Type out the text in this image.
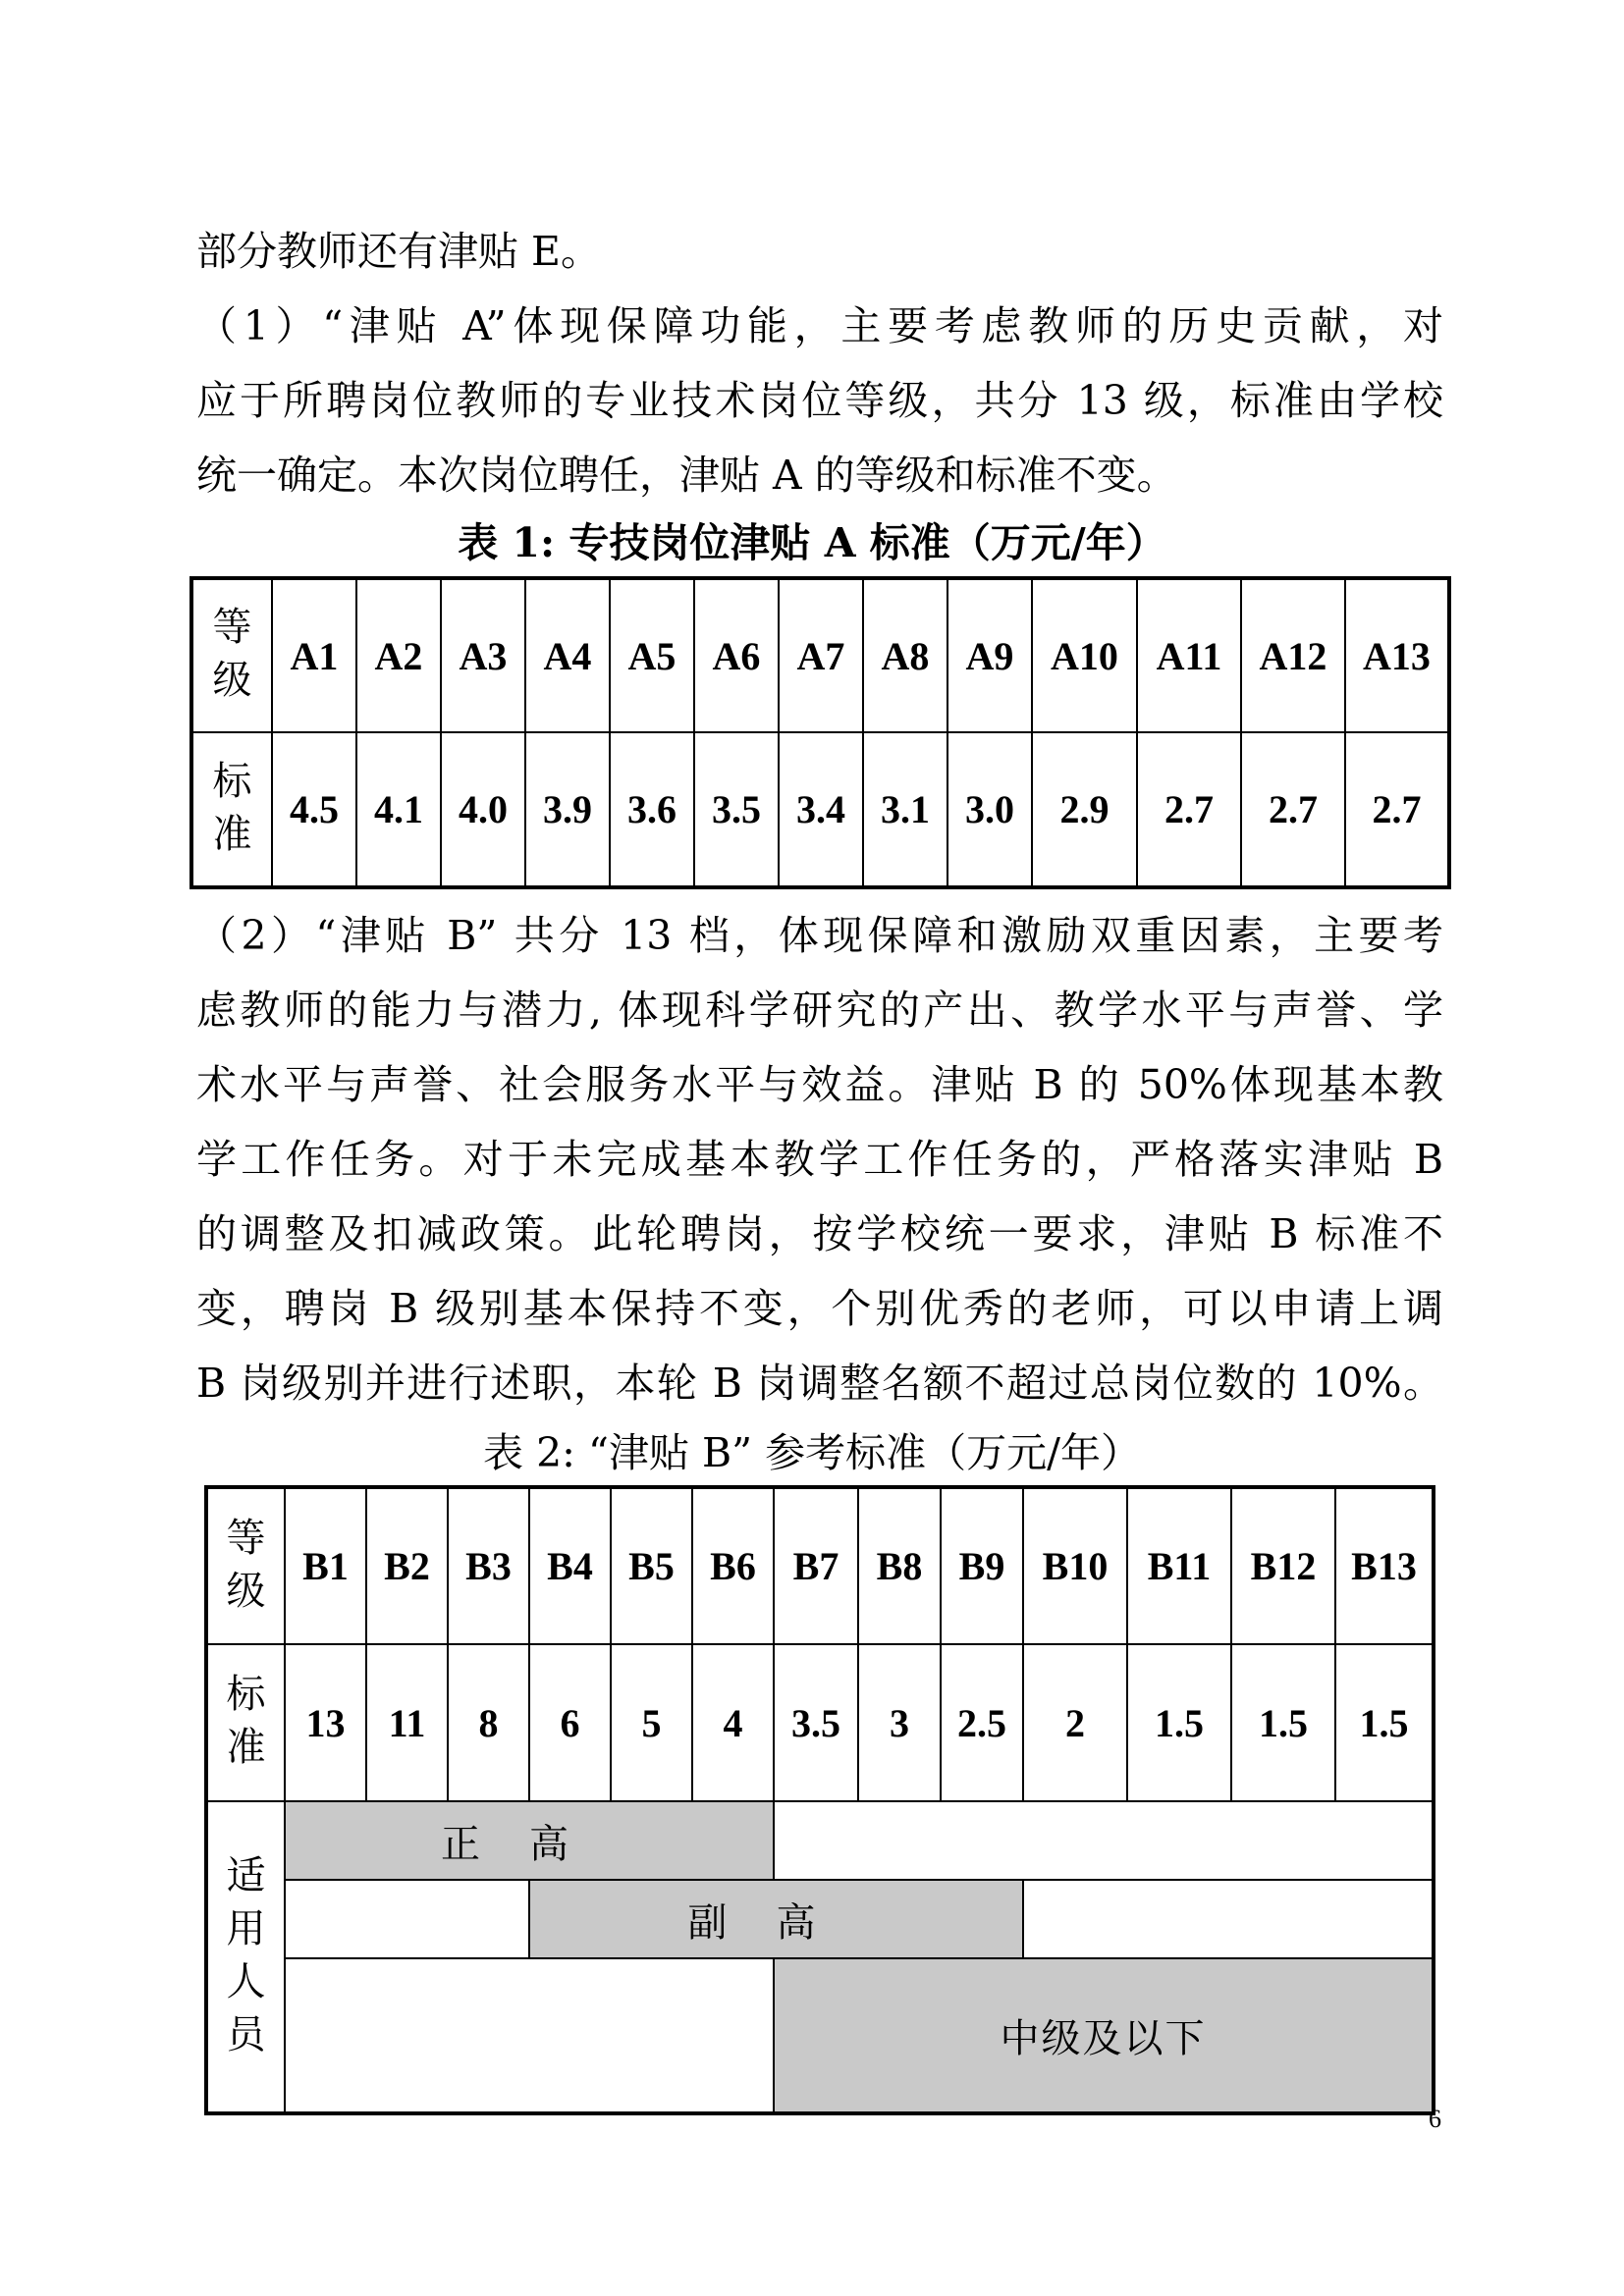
部分教师还有津贴 E。
（1）“津贴 A”体现保障功能，主要考虑教师的历史贡献，对
应于所聘岗位教师的专业技术岗位等级，共分 13 级，标准由学校
统一确定。本次岗位聘任，津贴 A 的等级和标准不变。

表 1: 专技岗位津贴 A 标准（万元/年）

等级	A1	A2	A3	A4	A5	A6	A7	A8	A9	A10	A11	A12	A13
标准	4.5	4.1	4.0	3.9	3.6	3.5	3.4	3.1	3.0	2.9	2.7	2.7	2.7
（2）“津贴 B” 共分 13 档，体现保障和激励双重因素，主要考
虑教师的能力与潜力, 体现科学研究的产出、教学水平与声誉、学
术水平与声誉、社会服务水平与效益。津贴 B 的 50%体现基本教
学工作任务。对于未完成基本教学工作任务的，严格落实津贴 B
的调整及扣减政策。此轮聘岗，按学校统一要求，津贴 B 标准不
变，聘岗 B 级别基本保持不变，个别优秀的老师，可以申请上调
B 岗级别并进行述职，本轮 B 岗调整名额不超过总岗位数的 10%。

表 2: “津贴 B” 参考标准（万元/年）

等级	B1	B2	B3	B4	B5	B6	B7	B8	B9	B10	B11	B12	B13
标准	13	11	8	6	5	4	3.5	3	2.5	2	1.5	1.5	1.5
适用人员	正高												
				副高									
							中级及以下						
6
